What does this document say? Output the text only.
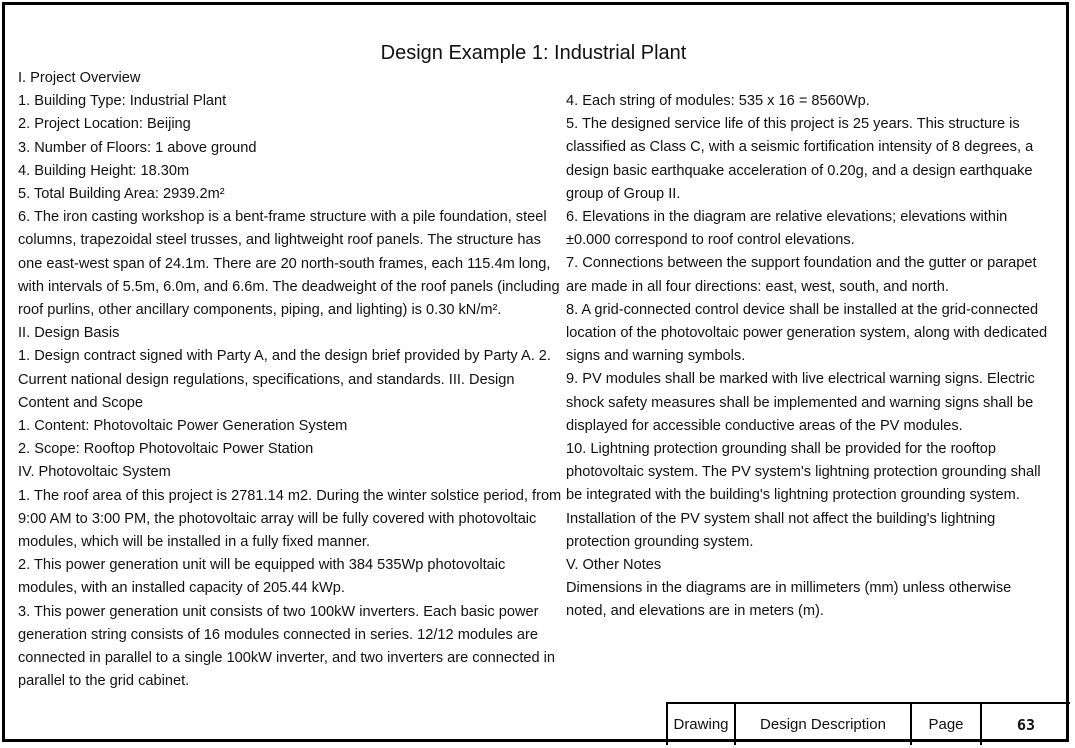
Design Example 1: Industrial Plant

I. Project Overview

1. Building Type: Industrial Plant

2. Project Location: Beijing

3. Number of Floors: 1 above ground

4. Building Height: 18.30m

5. Total Building Area: 2939.2m²

6. The iron casting workshop is a bent-frame structure with a pile foundation, steel columns, trapezoidal steel trusses, and lightweight roof panels. The structure has one east-west span of 24.1m. There are 20 north-south frames, each 115.4m long, with intervals of 5.5m, 6.0m, and 6.6m. The deadweight of the roof panels (including roof purlins, other ancillary components, piping, and lighting) is 0.30 kN/m².

II. Design Basis

1. Design contract signed with Party A, and the design brief provided by Party A. 2. Current national design regulations, specifications, and standards. III. Design Content and Scope

1. Content: Photovoltaic Power Generation System

2. Scope: Rooftop Photovoltaic Power Station

IV. Photovoltaic System

1. The roof area of this project is 2781.14 m2. During the winter solstice period, from 9:00 AM to 3:00 PM, the photovoltaic array will be fully covered with photovoltaic modules, which will be installed in a fully fixed manner.

2. This power generation unit will be equipped with 384 535Wp photovoltaic modules, with an installed capacity of 205.44 kWp.

3. This power generation unit consists of two 100kW inverters. Each basic power generation string consists of 16 modules connected in series. 12/12 modules are connected in parallel to a single 100kW inverter, and two inverters are connected in parallel to the grid cabinet.

4. Each string of modules: 535 x 16 = 8560Wp.

5. The designed service life of this project is 25 years. This structure is classified as Class C, with a seismic fortification intensity of 8 degrees, a design basic earthquake acceleration of 0.20g, and a design earthquake group of Group II.

6. Elevations in the diagram are relative elevations; elevations within ±0.000 correspond to roof control elevations.

7. Connections between the support foundation and the gutter or parapet are made in all four directions: east, west, south, and north.

8. A grid-connected control device shall be installed at the grid-connected location of the photovoltaic power generation system, along with dedicated signs and warning symbols.

9. PV modules shall be marked with live electrical warning signs. Electric shock safety measures shall be implemented and warning signs shall be displayed for accessible conductive areas of the PV modules.

10. Lightning protection grounding shall be provided for the rooftop photovoltaic system. The PV system's lightning protection grounding shall be integrated with the building's lightning protection grounding system. Installation of the PV system shall not affect the building's lightning protection grounding system.

V. Other Notes

Dimensions in the diagrams are in millimeters (mm) unless otherwise noted, and elevations are in meters (m).

Drawing	Design Description	Page	63
